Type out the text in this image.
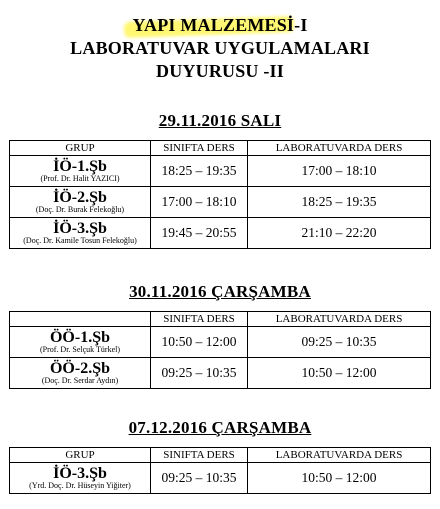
YAPI MALZEMESİ-I
LABORATUVAR UYGULAMALARI
DUYURUSU -II
29.11.2016 SALI
GRUP	SINIFTA DERS	LABORATUVARDA DERS

İÖ-1.Şb
(Prof. Dr. Halit YAZICI)	18:25 – 19:35	17:00 – 18:10

İÖ-2.Şb
(Doç. Dr. Burak Felekoğlu)	17:00 – 18:10	18:25 – 19:35

İÖ-3.Şb
(Doç. Dr. Kamile Tosun Felekoğlu)	19:45 – 20:55	21:10 – 22:20
30.11.2016 ÇARŞAMBA
	SINIFTA DERS	LABORATUVARDA DERS

ÖÖ-1.Şb
(Prof. Dr. Selçuk Türkel)	10:50 – 12:00	09:25 – 10:35

ÖÖ-2.Şb
(Doç. Dr. Serdar Aydın)	09:25 – 10:35	10:50 – 12:00
07.12.2016 ÇARŞAMBA
GRUP	SINIFTA DERS	LABORATUVARDA DERS

İÖ-3.Şb
(Yrd. Doç. Dr. Hüseyin Yiğiter)	09:25 – 10:35	10:50 – 12:00
